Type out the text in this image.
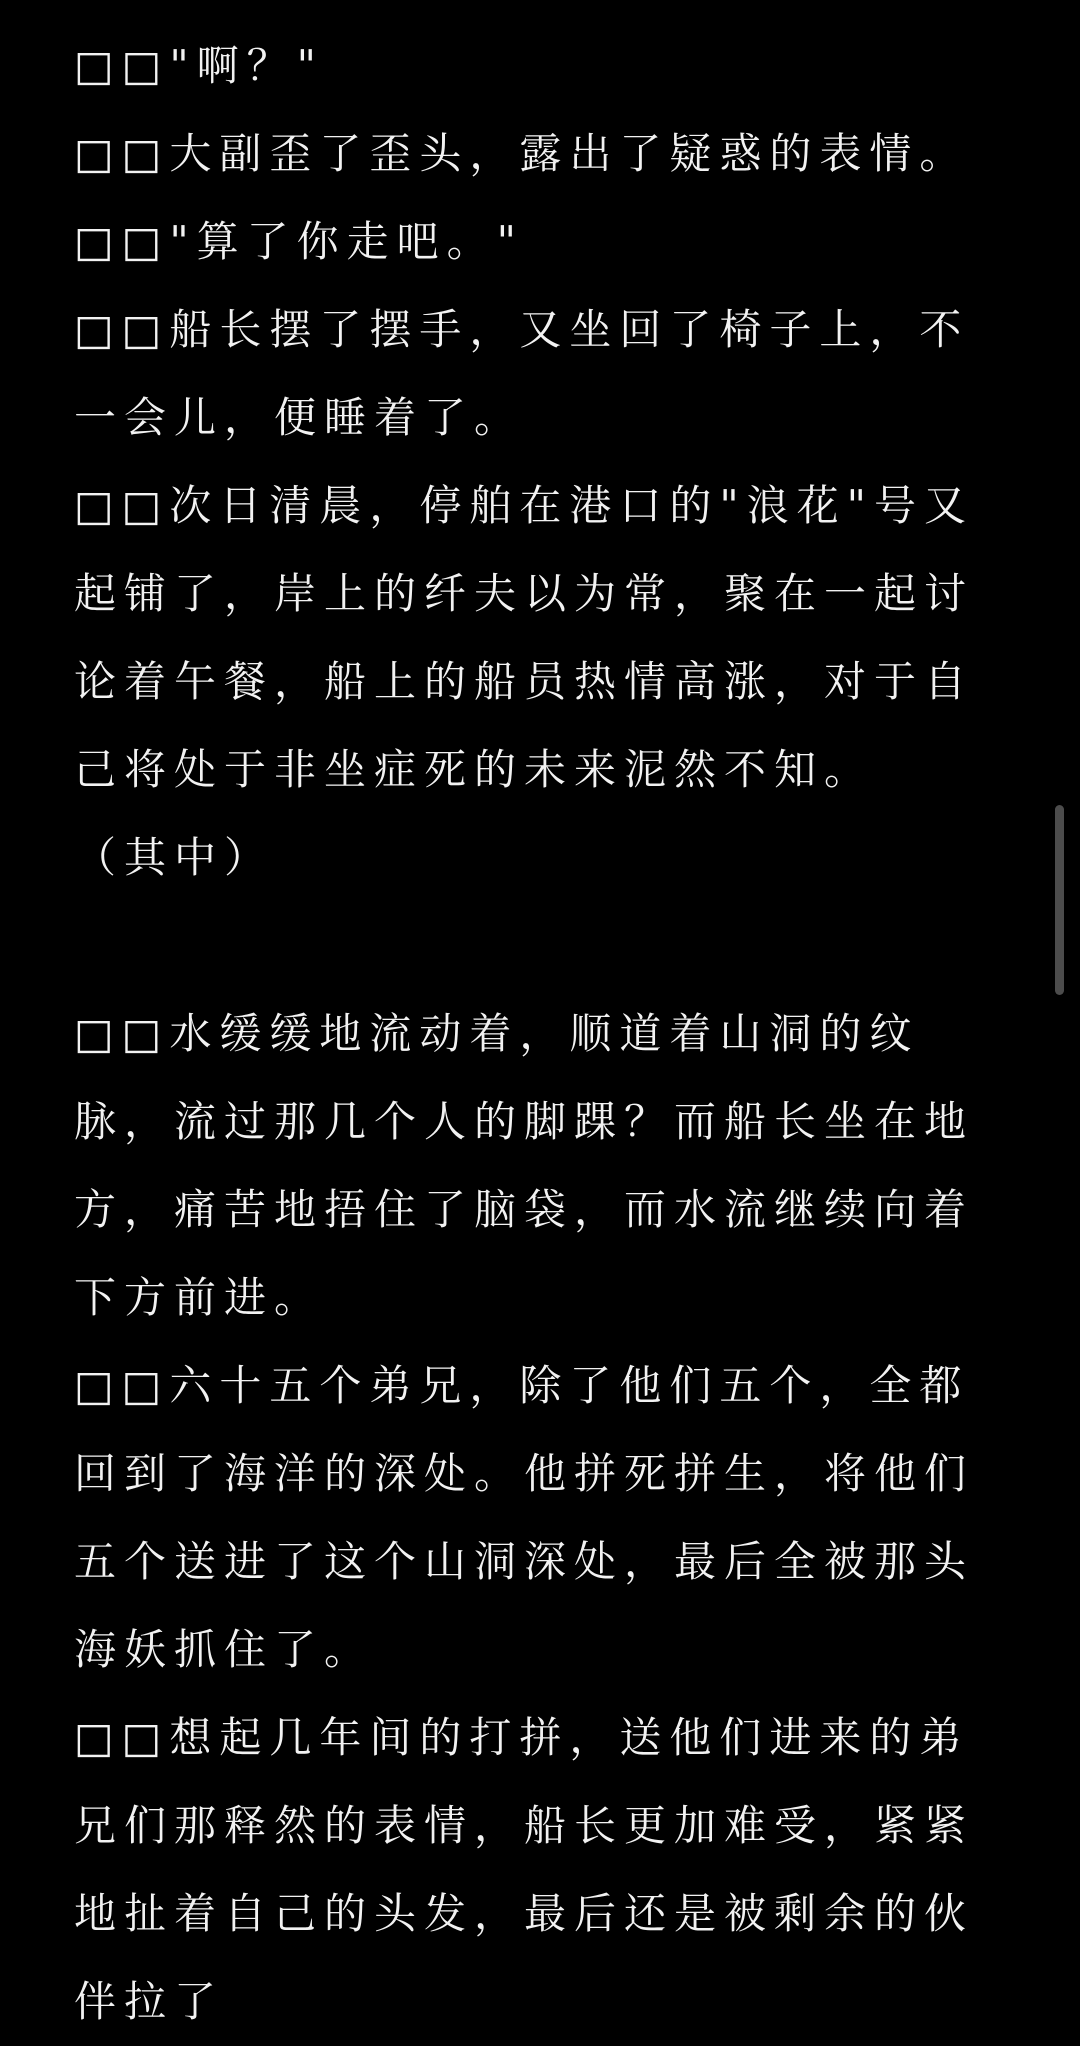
□□"啊？"

□□大副歪了歪头，露出了疑惑的表情。

□□"算了你走吧。"

□□船长摆了摆手，又坐回了椅子上，不一会儿，便睡着了。

□□次日清晨，停舶在港口的"浪花"号又起铺了，岸上的纤夫以为常，聚在一起讨论着午餐，船上的船员热情高涨，对于自己将处于非坐症死的未来泥然不知。

（其中）

□□水缓缓地流动着，顺道着山洞的纹脉，流过那几个人的脚踝？而船长坐在地方，痛苦地捂住了脑袋，而水流继续向着下方前进。

□□六十五个弟兄，除了他们五个，全都回到了海洋的深处。他拼死拼生，将他们五个送进了这个山洞深处，最后全被那头海妖抓住了。

□□想起几年间的打拼，送他们进来的弟兄们那释然的表情，船长更加难受，紧紧地扯着自己的头发，最后还是被剩余的伙伴拉了
